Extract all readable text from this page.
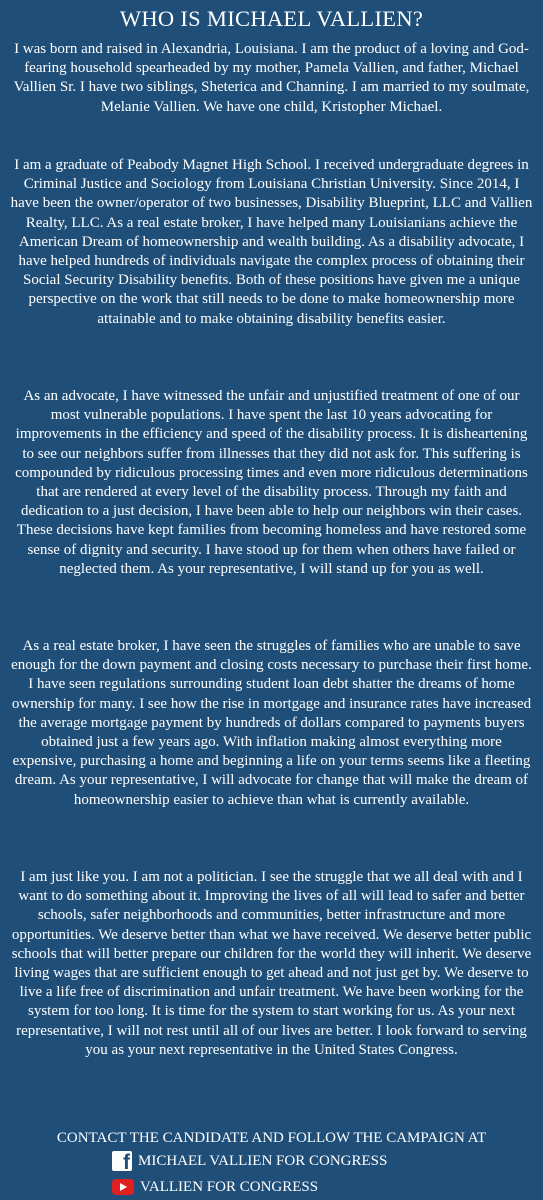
WHO IS MICHAEL VALLIEN?
I was born and raised in Alexandria, Louisiana. I am the product of a loving and God-fearing household spearheaded by my mother, Pamela Vallien, and father, Michael Vallien Sr. I have two siblings, Sheterica and Channing. I am married to my soulmate, Melanie Vallien. We have one child, Kristopher Michael.
I am a graduate of Peabody Magnet High School. I received undergraduate degrees in Criminal Justice and Sociology from Louisiana Christian University. Since 2014, I have been the owner/operator of two businesses, Disability Blueprint, LLC and Vallien Realty, LLC. As a real estate broker, I have helped many Louisianians achieve the American Dream of homeownership and wealth building. As a disability advocate, I have helped hundreds of individuals navigate the complex process of obtaining their Social Security Disability benefits. Both of these positions have given me a unique perspective on the work that still needs to be done to make homeownership more attainable and to make obtaining disability benefits easier.
As an advocate, I have witnessed the unfair and unjustified treatment of one of our most vulnerable populations. I have spent the last 10 years advocating for improvements in the efficiency and speed of the disability process. It is disheartening to see our neighbors suffer from illnesses that they did not ask for. This suffering is compounded by ridiculous processing times and even more ridiculous determinations that are rendered at every level of the disability process. Through my faith and dedication to a just decision, I have been able to help our neighbors win their cases. These decisions have kept families from becoming homeless and have restored some sense of dignity and security. I have stood up for them when others have failed or neglected them. As your representative, I will stand up for you as well.
As a real estate broker, I have seen the struggles of families who are unable to save enough for the down payment and closing costs necessary to purchase their first home. I have seen regulations surrounding student loan debt shatter the dreams of home ownership for many. I see how the rise in mortgage and insurance rates have increased the average mortgage payment by hundreds of dollars compared to payments buyers obtained just a few years ago. With inflation making almost everything more expensive, purchasing a home and beginning a life on your terms seems like a fleeting dream. As your representative, I will advocate for change that will make the dream of homeownership easier to achieve than what is currently available.
I am just like you. I am not a politician. I see the struggle that we all deal with and I want to do something about it. Improving the lives of all will lead to safer and better schools, safer neighborhoods and communities, better infrastructure and more opportunities. We deserve better than what we have received. We deserve better public schools that will better prepare our children for the world they will inherit. We deserve living wages that are sufficient enough to get ahead and not just get by. We deserve to live a life free of discrimination and unfair treatment. We have been working for the system for too long. It is time for the system to start working for us. As your next representative, I will not rest until all of our lives are better. I look forward to serving you as your next representative in the United States Congress.
CONTACT THE CANDIDATE AND FOLLOW THE CAMPAIGN AT
f MICHAEL VALLIEN FOR CONGRESS
VALLIEN FOR CONGRESS
